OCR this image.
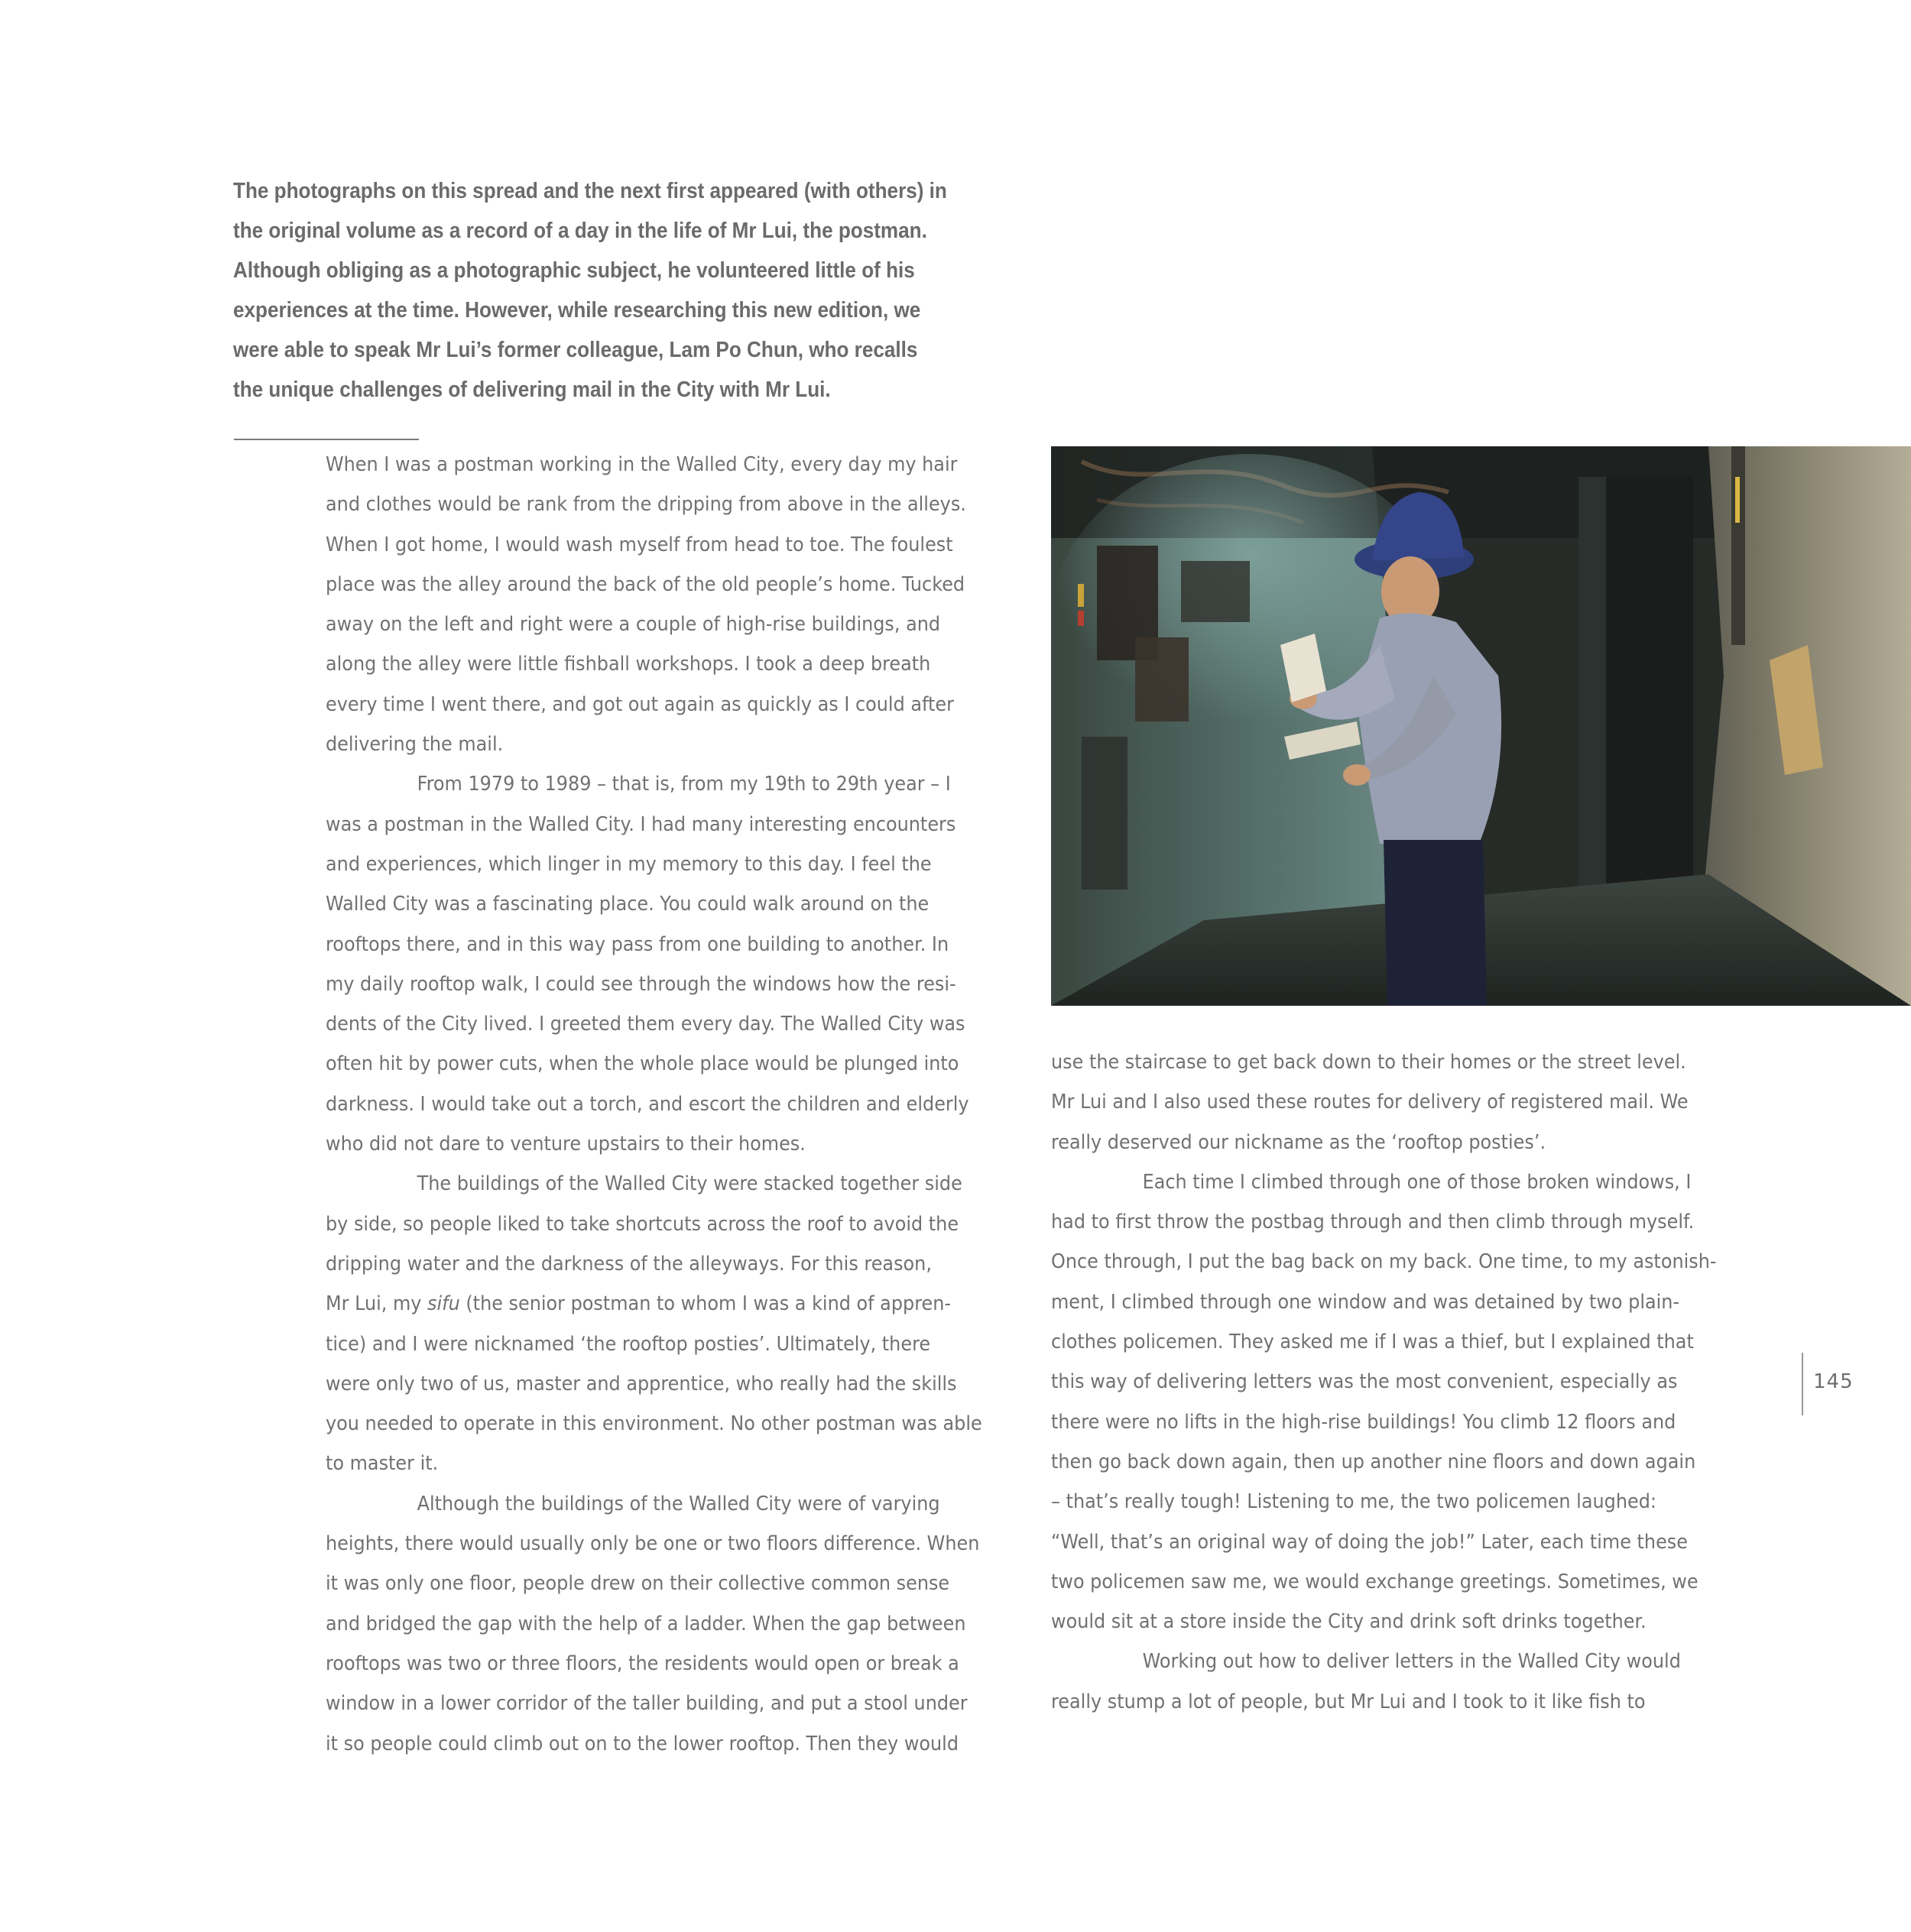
The photographs on this spread and the next first appeared (with others) in
the original volume as a record of a day in the life of Mr Lui, the postman.
Although obliging as a photographic subject, he volunteered little of his
experiences at the time. However, while researching this new edition, we
were able to speak Mr Lui’s former colleague, Lam Po Chun, who recalls
the unique challenges of delivering mail in the City with Mr Lui.
When I was a postman working in the Walled City, every day my hair
and clothes would be rank from the dripping from above in the alleys.
When I got home, I would wash myself from head to toe. The foulest
place was the alley around the back of the old people’s home. Tucked
away on the left and right were a couple of high-rise buildings, and
along the alley were little fishball workshops. I took a deep breath
every time I went there, and got out again as quickly as I could after
delivering the mail.
From 1979 to 1989 – that is, from my 19th to 29th year – I
was a postman in the Walled City. I had many interesting encounters
and experiences, which linger in my memory to this day. I feel the
Walled City was a fascinating place. You could walk around on the
rooftops there, and in this way pass from one building to another. In
my daily rooftop walk, I could see through the windows how the resi-
dents of the City lived. I greeted them every day. The Walled City was
often hit by power cuts, when the whole place would be plunged into
darkness. I would take out a torch, and escort the children and elderly
who did not dare to venture upstairs to their homes.
The buildings of the Walled City were stacked together side
by side, so people liked to take shortcuts across the roof to avoid the
dripping water and the darkness of the alleyways. For this reason,
Mr Lui, my sifu (the senior postman to whom I was a kind of appren-
tice) and I were nicknamed ‘the rooftop posties’. Ultimately, there
were only two of us, master and apprentice, who really had the skills
you needed to operate in this environment. No other postman was able
to master it.
Although the buildings of the Walled City were of varying
heights, there would usually only be one or two floors difference. When
it was only one floor, people drew on their collective common sense
and bridged the gap with the help of a ladder. When the gap between
rooftops was two or three floors, the residents would open or break a
window in a lower corridor of the taller building, and put a stool under
it so people could climb out on to the lower rooftop. Then they would
use the staircase to get back down to their homes or the street level.
Mr Lui and I also used these routes for delivery of registered mail. We
really deserved our nickname as the ‘rooftop posties’.
Each time I climbed through one of those broken windows, I
had to first throw the postbag through and then climb through myself.
Once through, I put the bag back on my back. One time, to my astonish-
ment, I climbed through one window and was detained by two plain-
clothes policemen. They asked me if I was a thief, but I explained that
this way of delivering letters was the most convenient, especially as
there were no lifts in the high-rise buildings! You climb 12 floors and
then go back down again, then up another nine floors and down again
– that’s really tough! Listening to me, the two policemen laughed:
“Well, that’s an original way of doing the job!” Later, each time these
two policemen saw me, we would exchange greetings. Sometimes, we
would sit at a store inside the City and drink soft drinks together.
Working out how to deliver letters in the Walled City would
really stump a lot of people, but Mr Lui and I took to it like fish to
145
